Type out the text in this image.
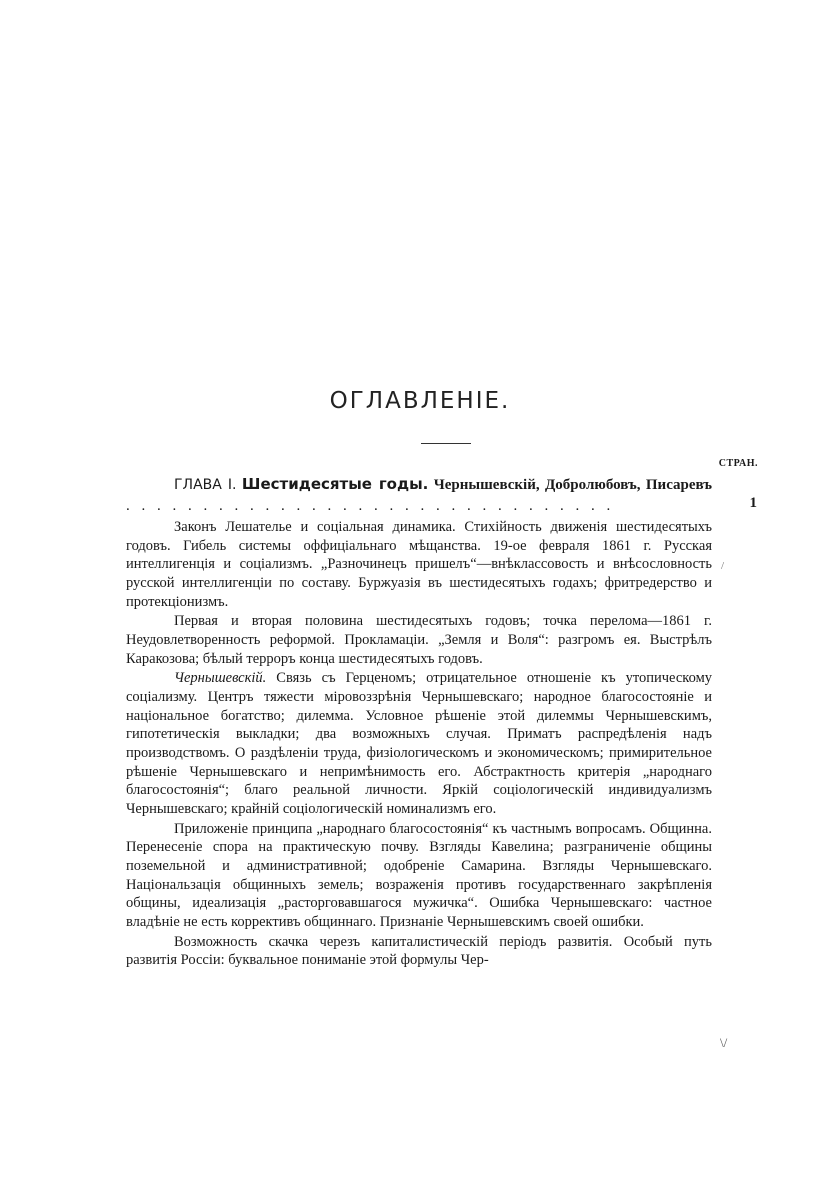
ОГЛАВЛЕНІЕ.
СТРАН.
ГЛАВА I. Шестидесятые годы. Чернышевскій, Добролюбовъ, Писаревъ . . . . . . . . . . . . . . . . . . . . . . . . . . . . . . . .	1

Законъ Лешателье и соціальная динамика. Стихійность движенія шестидесятыхъ годовъ. Гибель системы оффиціальнаго мѣщанства. 19-ое февраля 1861 г. Русская интеллигенція и соціализмъ. „Разночинецъ пришелъ“—внѣклассовость и внѣсословность русской интеллигенціи по составу. Буржуазія въ шестидесятыхъ годахъ; фритредерство и протекціонизмъ.

Первая и вторая половина шестидесятыхъ годовъ; точка перелома—1861 г. Неудовлетворенность реформой. Прокламаціи. „Земля и Воля“: разгромъ ея. Выстрѣлъ Каракозова; бѣлый терроръ конца шестидесятыхъ годовъ.

Чернышевскій. Связь съ Герценомъ; отрицательное отношеніе къ утопическому соціализму. Центръ тяжести міровоззрѣнія Чернышевскаго; народное благосостояніе и національное богатство; дилемма. Условное рѣшеніе этой дилеммы Чернышевскимъ, гипотетическія выкладки; два возможныхъ случая. Приматъ распредѣленія надъ производствомъ. О раздѣленіи труда, физіологическомъ и экономическомъ; примирительное рѣшеніе Чернышевскаго и непримѣнимость его. Абстрактность критерія „народнаго благосостоянія“; благо реальной личности. Яркій соціологическій индивидуализмъ Чернышевскаго; крайній соціологическій номинализмъ его.

Приложеніе принципа „народнаго благосостоянія“ къ частнымъ вопросамъ. Общинна. Перенесеніе спора на практическую почву. Взгляды Кавелина; разграниченіе общины поземельной и административной; одобреніе Самарина. Взгляды Чернышевскаго. Національзація общинныхъ земель; возраженія противъ государственнаго закрѣпленія общины, идеализація „расторговавшагося мужичка“. Ошибка Чернышевскаго: частное владѣніе не есть коррективъ общиннаго. Признаніе Чернышевскимъ своей ошибки.

Возможность скачка черезъ капиталистическій періодъ развитія. Особый путь развитія Россіи: буквальное пониманіе этой формулы Чер-

/
\/
